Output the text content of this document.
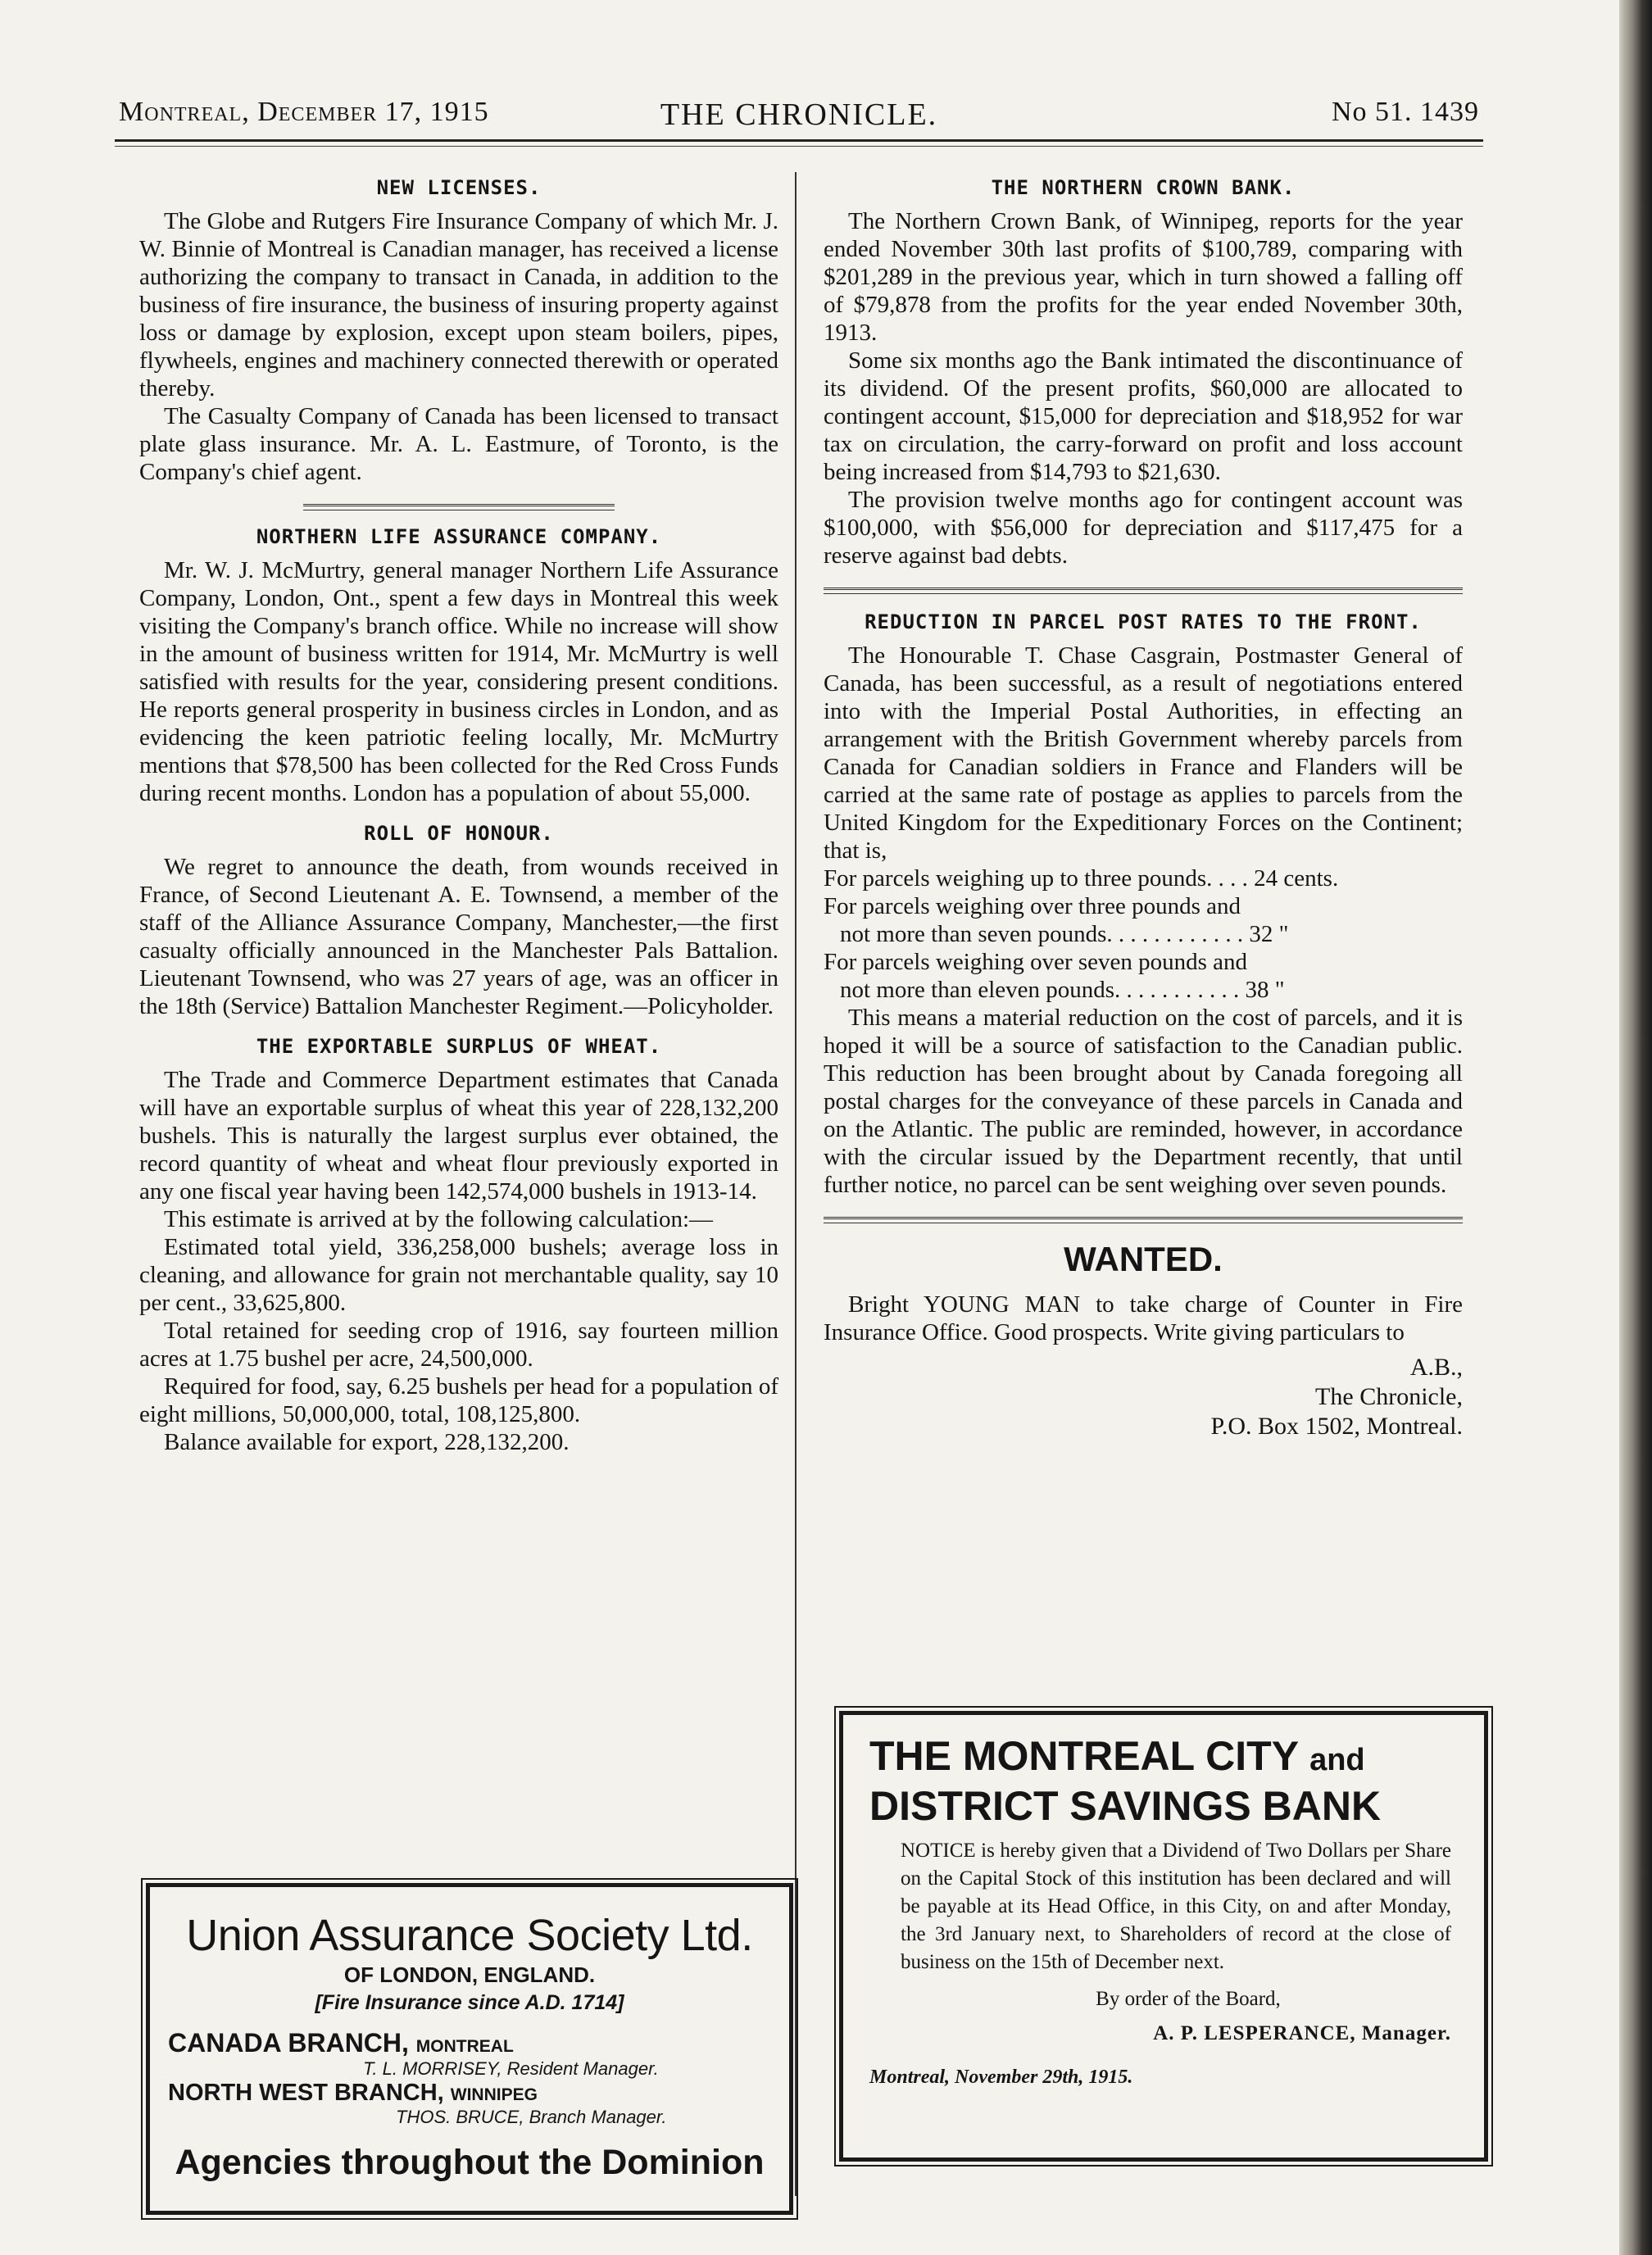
Montreal, December 17, 1915	THE CHRONICLE.	No 51. 1439
NEW LICENSES.

The Globe and Rutgers Fire Insurance Company of which Mr. J. W. Binnie of Montreal is Canadian manager, has received a license authorizing the company to transact in Canada, in addition to the business of fire insurance, the business of insuring property against loss or damage by explosion, except upon steam boilers, pipes, flywheels, engines and machinery connected therewith or operated thereby.

The Casualty Company of Canada has been licensed to transact plate glass insurance. Mr. A. L. Eastmure, of Toronto, is the Company's chief agent.

NORTHERN LIFE ASSURANCE COMPANY.

Mr. W. J. McMurtry, general manager Northern Life Assurance Company, London, Ont., spent a few days in Montreal this week visiting the Company's branch office. While no increase will show in the amount of business written for 1914, Mr. McMurtry is well satisfied with results for the year, considering present conditions. He reports general prosperity in business circles in London, and as evidencing the keen patriotic feeling locally, Mr. McMurtry mentions that $78,500 has been collected for the Red Cross Funds during recent months. London has a population of about 55,000.

ROLL OF HONOUR.

We regret to announce the death, from wounds received in France, of Second Lieutenant A. E. Townsend, a member of the staff of the Alliance Assurance Company, Manchester,—the first casualty officially announced in the Manchester Pals Battalion. Lieutenant Townsend, who was 27 years of age, was an officer in the 18th (Service) Battalion Manchester Regiment.—Policyholder.

THE EXPORTABLE SURPLUS OF WHEAT.

The Trade and Commerce Department estimates that Canada will have an exportable surplus of wheat this year of 228,132,200 bushels. This is naturally the largest surplus ever obtained, the record quantity of wheat and wheat flour previously exported in any one fiscal year having been 142,574,000 bushels in 1913-14.

This estimate is arrived at by the following calculation:—

Estimated total yield, 336,258,000 bushels; average loss in cleaning, and allowance for grain not merchantable quality, say 10 per cent., 33,625,800.

Total retained for seeding crop of 1916, say fourteen million acres at 1.75 bushel per acre, 24,500,000.

Required for food, say, 6.25 bushels per head for a population of eight millions, 50,000,000, total, 108,125,800.

Balance available for export, 228,132,200.

Union Assurance Society Ltd.
OF LONDON, ENGLAND.
[Fire Insurance since A.D. 1714]
CANADA BRANCH, MONTREAL
T. L. MORRISEY, Resident Manager.
NORTH WEST BRANCH, WINNIPEG
THOS. BRUCE, Branch Manager.
Agencies throughout the Dominion
THE NORTHERN CROWN BANK.

The Northern Crown Bank, of Winnipeg, reports for the year ended November 30th last profits of $100,789, comparing with $201,289 in the previous year, which in turn showed a falling off of $79,878 from the profits for the year ended November 30th, 1913.

Some six months ago the Bank intimated the discontinuance of its dividend. Of the present profits, $60,000 are allocated to contingent account, $15,000 for depreciation and $18,952 for war tax on circulation, the carry-forward on profit and loss account being increased from $14,793 to $21,630.

The provision twelve months ago for contingent account was $100,000, with $56,000 for depreciation and $117,475 for a reserve against bad debts.

REDUCTION IN PARCEL POST RATES TO THE FRONT.

The Honourable T. Chase Casgrain, Postmaster General of Canada, has been successful, as a result of negotiations entered into with the Imperial Postal Authorities, in effecting an arrangement with the British Government whereby parcels from Canada for Canadian soldiers in France and Flanders will be carried at the same rate of postage as applies to parcels from the United Kingdom for the Expeditionary Forces on the Continent; that is,

For parcels weighing up to three pounds. . . . 24 cents.
For parcels weighing over three pounds and
not more than seven pounds. . . . . . . . . . . . 32 "
For parcels weighing over seven pounds and
not more than eleven pounds. . . . . . . . . . . 38 "

This means a material reduction on the cost of parcels, and it is hoped it will be a source of satisfaction to the Canadian public. This reduction has been brought about by Canada foregoing all postal charges for the conveyance of these parcels in Canada and on the Atlantic. The public are reminded, however, in accordance with the circular issued by the Department recently, that until further notice, no parcel can be sent weighing over seven pounds.

WANTED.

Bright YOUNG MAN to take charge of Counter in Fire Insurance Office. Good prospects. Write giving particulars to

A.B.,
The Chronicle,
P.O. Box 1502, Montreal.
THE MONTREAL CITY and
DISTRICT SAVINGS BANK
NOTICE is hereby given that a Dividend of Two Dollars per Share on the Capital Stock of this institution has been declared and will be payable at its Head Office, in this City, on and after Monday, the 3rd January next, to Shareholders of record at the close of business on the 15th of December next.
By order of the Board,
A. P. LESPERANCE, Manager.
Montreal, November 29th, 1915.
